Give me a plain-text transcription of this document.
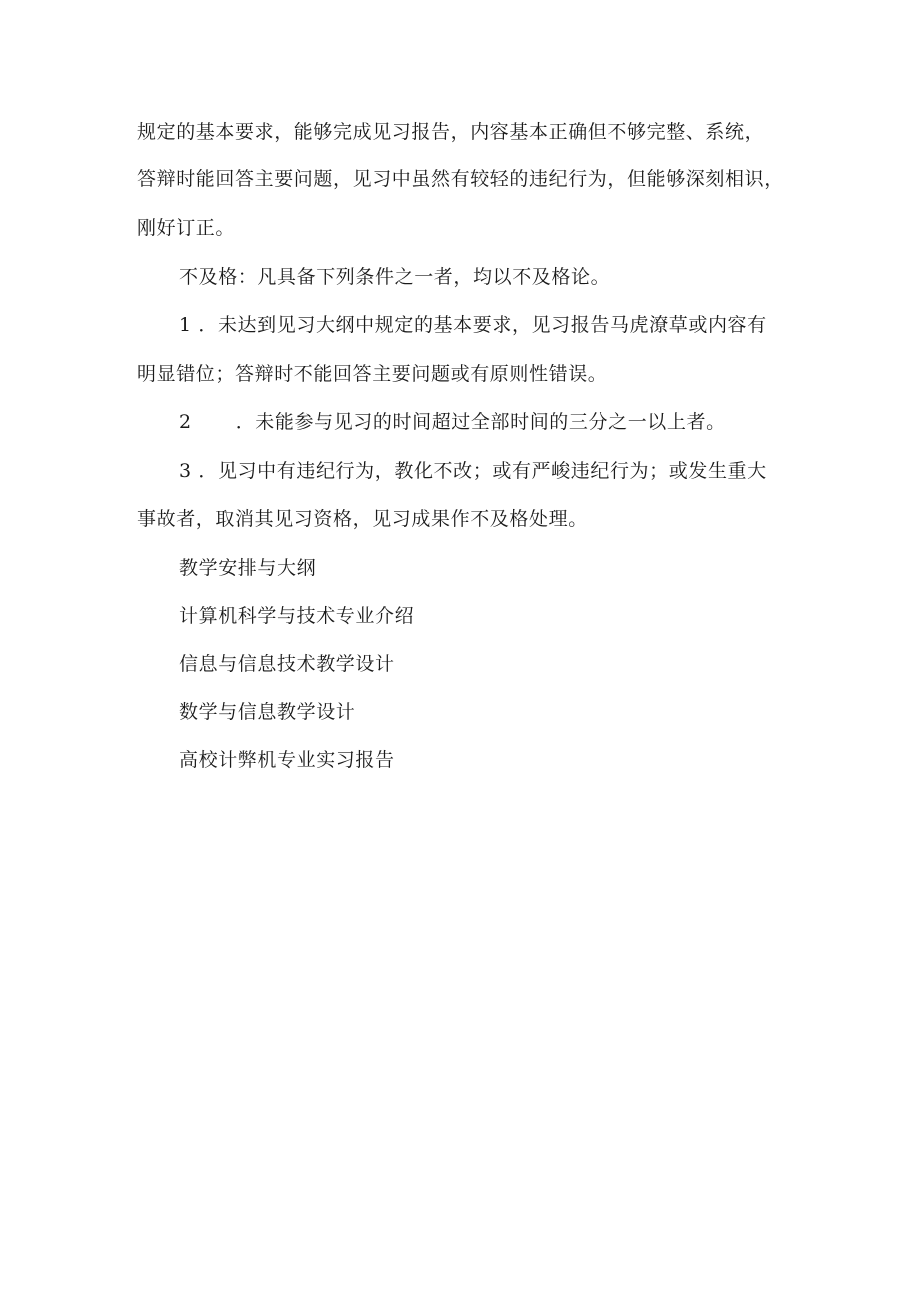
规定的基本要求，能够完成见习报告，内容基本正确但不够完整、系统，
答辩时能回答主要问题，见习中虽然有较轻的违纪行为，但能够深刻相识，
刚好订正。
不及格：凡具备下列条件之一者，均以不及格论。
1 ．未达到见习大纲中规定的基本要求，见习报告马虎潦草或内容有
明显错位；答辩时不能回答主要问题或有原则性错误。
2 ．未能参与见习的时间超过全部时间的三分之一以上者。
3 ．见习中有违纪行为，教化不改；或有严峻违纪行为；或发生重大
事故者，取消其见习资格，见习成果作不及格处理。
教学安排与大纲
计算机科学与技术专业介绍
信息与信息技术教学设计
数学与信息教学设计
高校计弊机专业实习报告
